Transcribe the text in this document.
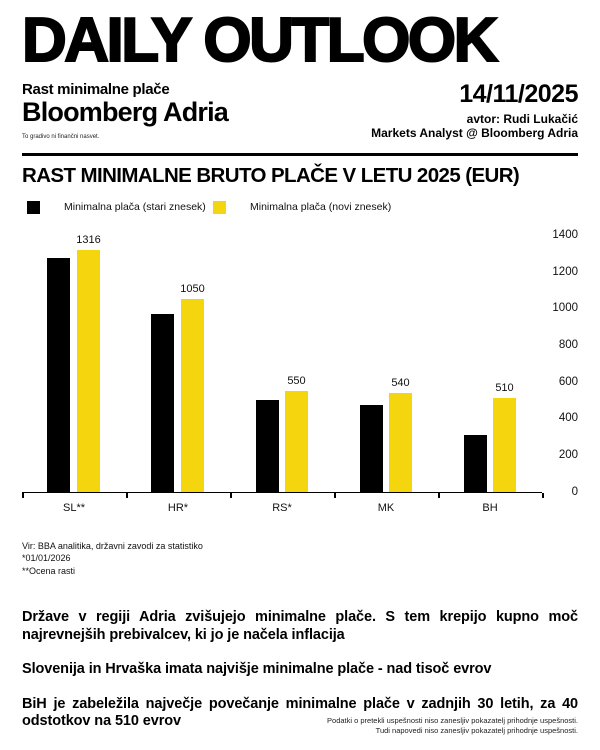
DAILY OUTLOOK
Rast minimalne plače
Bloomberg Adria
To gradivo ni finančni nasvet.
14/11/2025
avtor: Rudi Lukačić
Markets Analyst @ Bloomberg Adria
RAST MINIMALNE BRUTO PLAČE V LETU 2025 (EUR)
Minimalna plača (stari znesek)	Minimalna plača (novi znesek)
1316
1050
550	540	510
SL**	HR*	RS*	MK	BH
1400
1200
1000
800
600
400
200
0
Vir: BBA analitika, državni zavodi za statistiko
*01/01/2026
**Ocena rasti
Države v regiji Adria zvišujejo minimalne plače. S tem krepijo kupno moč najrevnejših prebivalcev, ki jo je načela inflacija
Slovenija in Hrvaška imata najvišje minimalne plače - nad tisoč evrov
BiH je zabeležila največje povečanje minimalne plače v zadnjih 30 letih, za 40 odstotkov na 510 evrov	Podatki o pretekli uspešnosti niso zanesljiv pokazatelj prihodnje uspešnosti.
Tudi napovedi niso zanesljiv pokazatelj prihodnje uspešnosti.
